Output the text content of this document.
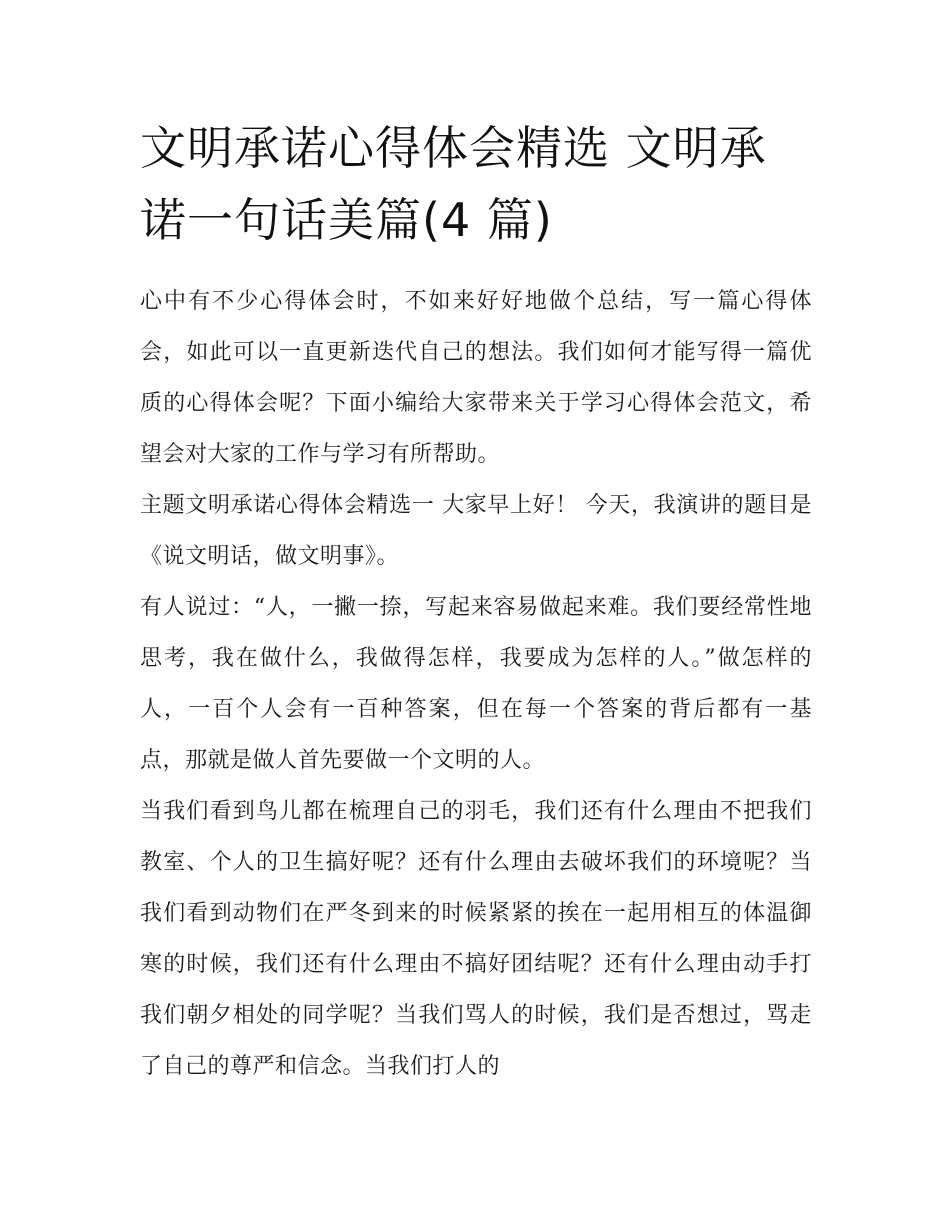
文明承诺心得体会精选 文明承诺一句话美篇(4 篇)

心中有不少心得体会时，不如来好好地做个总结，写一篇心得体会，如此可以一直更新迭代自己的想法。我们如何才能写得一篇优质的心得体会呢？下面小编给大家带来关于学习心得体会范文，希望会对大家的工作与学习有所帮助。

主题文明承诺心得体会精选一 大家早上好！ 今天，我演讲的题目是《说文明话，做文明事》。

有人说过：“人，一撇一捺，写起来容易做起来难。我们要经常性地思考，我在做什么，我做得怎样，我要成为怎样的人。”做怎样的人，一百个人会有一百种答案，但在每一个答案的背后都有一基点，那就是做人首先要做一个文明的人。

当我们看到鸟儿都在梳理自己的羽毛，我们还有什么理由不把我们教室、个人的卫生搞好呢？还有什么理由去破坏我们的环境呢？当我们看到动物们在严冬到来的时候紧紧的挨在一起用相互的体温御寒的时候，我们还有什么理由不搞好团结呢？还有什么理由动手打我们朝夕相处的同学呢？当我们骂人的时候，我们是否想过，骂走了自己的尊严和信念。当我们打人的
